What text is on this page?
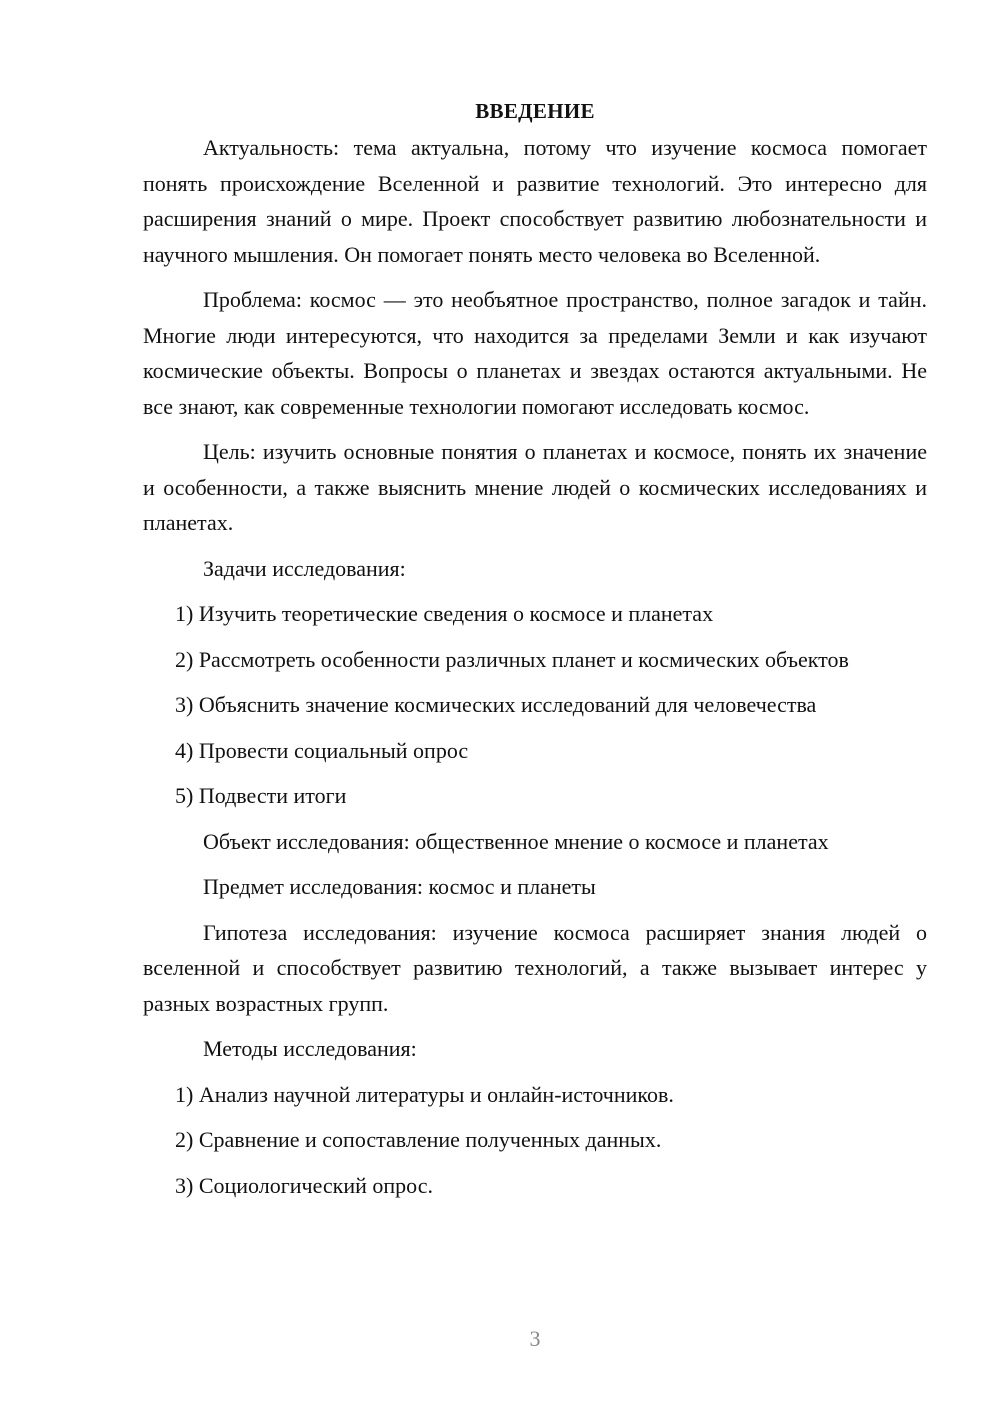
ВВЕДЕНИЕ

Актуальность: тема актуальна, потому что изучение космоса помогает понять происхождение Вселенной и развитие технологий. Это интересно для расширения знаний о мире. Проект способствует развитию любознательности и научного мышления. Он помогает понять место человека во Вселенной.

Проблема: космос — это необъятное пространство, полное загадок и тайн. Многие люди интересуются, что находится за пределами Земли и как изучают космические объекты. Вопросы о планетах и звездах остаются актуальными. Не все знают, как современные технологии помогают исследовать космос.

Цель: изучить основные понятия о планетах и космосе, понять их значение и особенности, а также выяснить мнение людей о космических исследованиях и планетах.

Задачи исследования:

1) Изучить теоретические сведения о космосе и планетах

2) Рассмотреть особенности различных планет и космических объектов

3) Объяснить значение космических исследований для человечества

4) Провести социальный опрос

5) Подвести итоги

Объект исследования: общественное мнение о космосе и планетах

Предмет исследования: космос и планеты

Гипотеза исследования: изучение космоса расширяет знания людей о вселенной и способствует развитию технологий, а также вызывает интерес у разных возрастных групп.

Методы исследования:

1) Анализ научной литературы и онлайн-источников.

2) Сравнение и сопоставление полученных данных.

3) Социологический опрос.

3
